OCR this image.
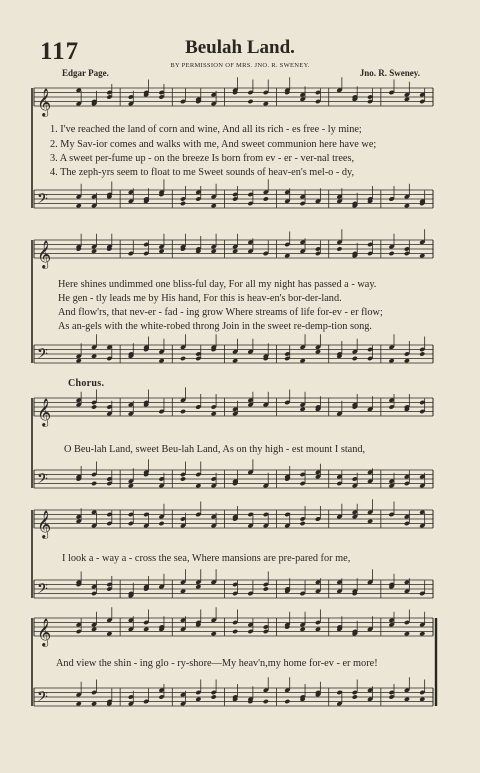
117	Beulah Land.
BY PERMISSION OF MRS. JNO. R. SWENEY.
Edgar Page.	Jno. R. Sweney.
𝄞
𝄢
𝄞
𝄢
𝄞
𝄢
𝄞
𝄢
𝄞
𝄢
1. I've reached the land of corn and wine, And all its rich - es free - ly mine;
2. My Sav-ior comes and walks with me, And sweet communion here have we;
3. A sweet per-fume up - on the breeze Is born from ev - er - ver-nal trees,
4. The zeph-yrs seem to float to me Sweet sounds of heav-en's mel-o - dy,
Here shines undimmed one bliss-ful day, For all my night has passed a - way.
He gen - tly leads me by His hand, For this is heav-en's bor-der-land.
And flow'rs, that nev-er - fad - ing grow Where streams of life for-ev - er flow;
As an-gels with the white-robed throng Join in the sweet re-demp-tion song.
Chorus.
O Beu-lah Land, sweet Beu-lah Land, As on thy high - est mount I stand,
I look a - way a - cross the sea, Where mansions are pre-pared for me,
And view the shin - ing glo - ry-shore—My heav'n,my home for-ev - er more!
